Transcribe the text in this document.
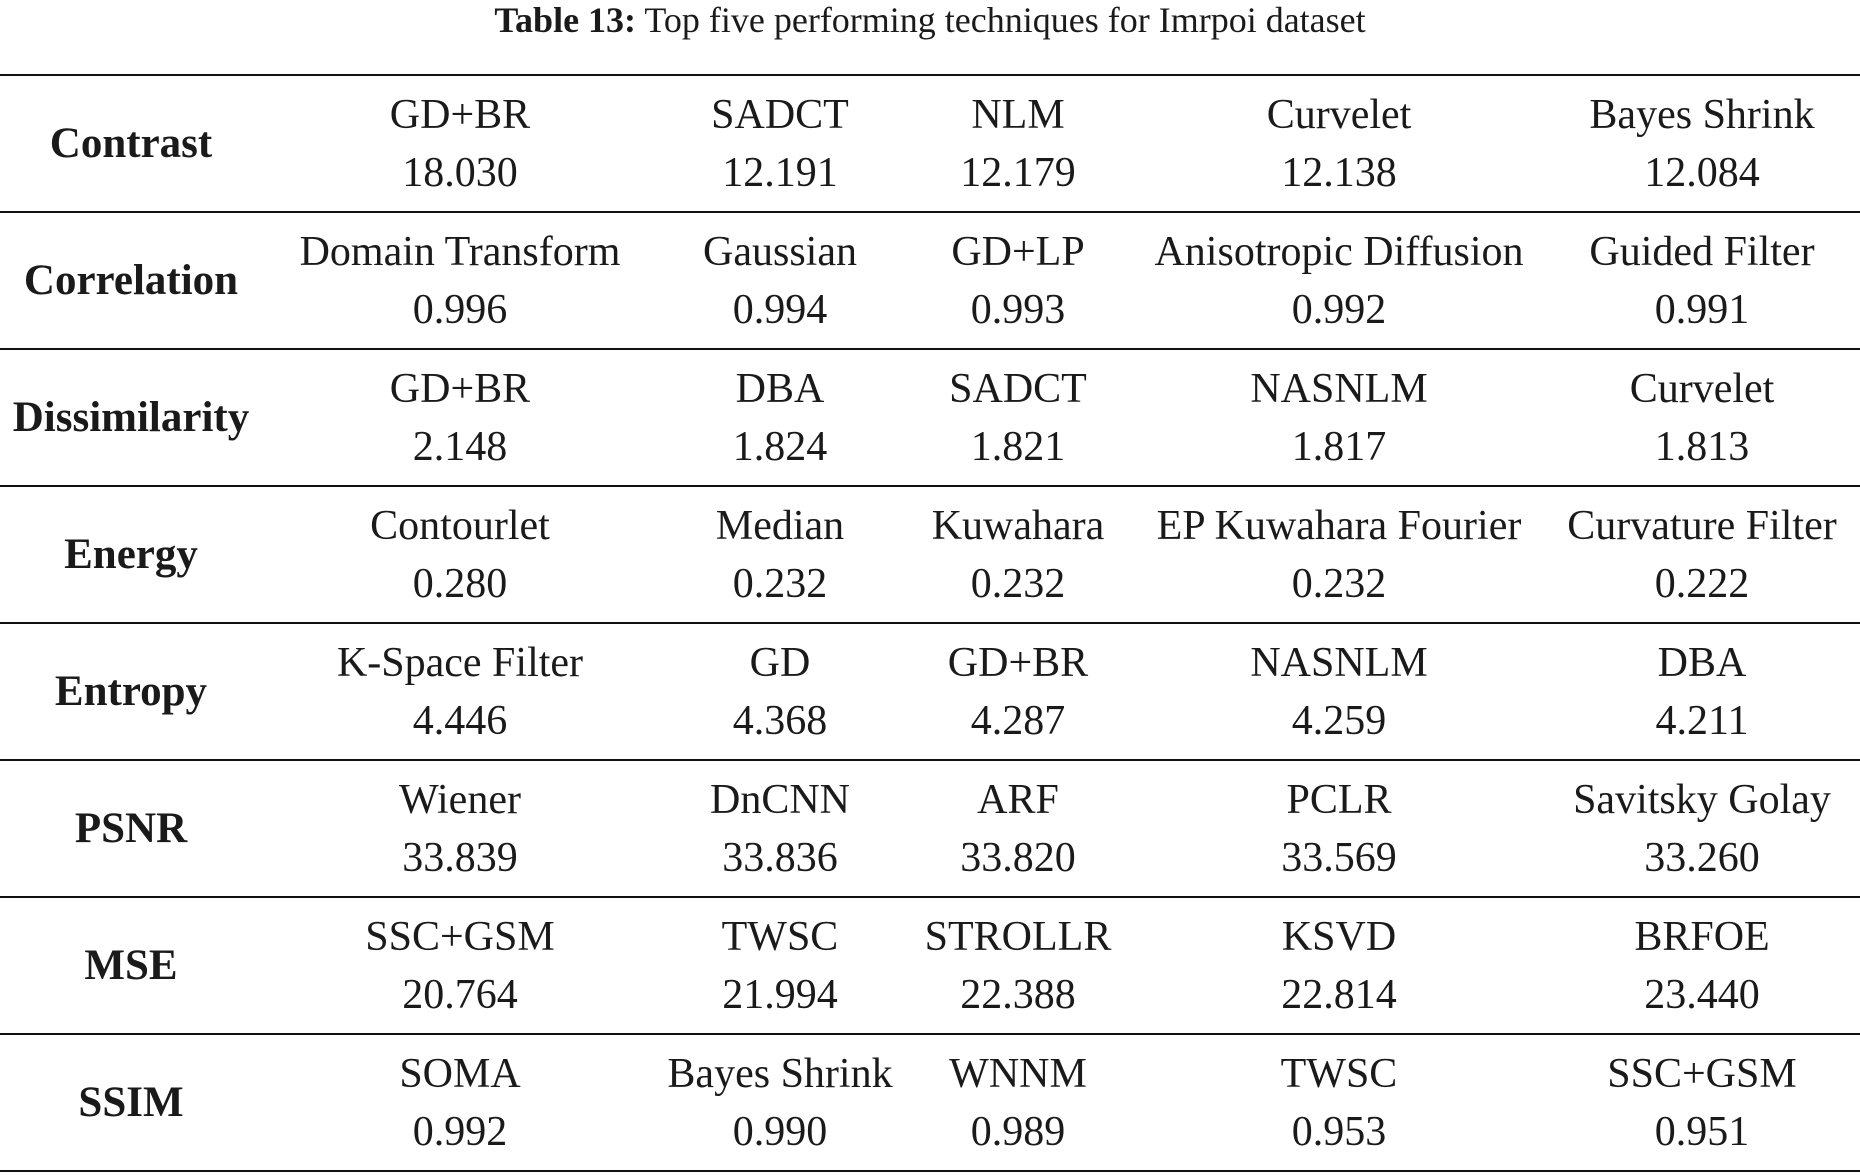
Table 13: Top five performing techniques for Imrpoi dataset
Contrast
GD+BR
18.030
SADCT
12.191
NLM
12.179
Curvelet
12.138
Bayes Shrink
12.084
Correlation
Domain Transform
0.996
Gaussian
0.994
GD+LP
0.993
Anisotropic Diffusion
0.992
Guided Filter
0.991
Dissimilarity
GD+BR
2.148
DBA
1.824
SADCT
1.821
NASNLM
1.817
Curvelet
1.813
Energy
Contourlet
0.280
Median
0.232
Kuwahara
0.232
EP Kuwahara Fourier
0.232
Curvature Filter
0.222
Entropy
K-Space Filter
4.446
GD
4.368
GD+BR
4.287
NASNLM
4.259
DBA
4.211
PSNR
Wiener
33.839
DnCNN
33.836
ARF
33.820
PCLR
33.569
Savitsky Golay
33.260
MSE
SSC+GSM
20.764
TWSC
21.994
STROLLR
22.388
KSVD
22.814
BRFOE
23.440
SSIM
SOMA
0.992
Bayes Shrink
0.990
WNNM
0.989
TWSC
0.953
SSC+GSM
0.951
